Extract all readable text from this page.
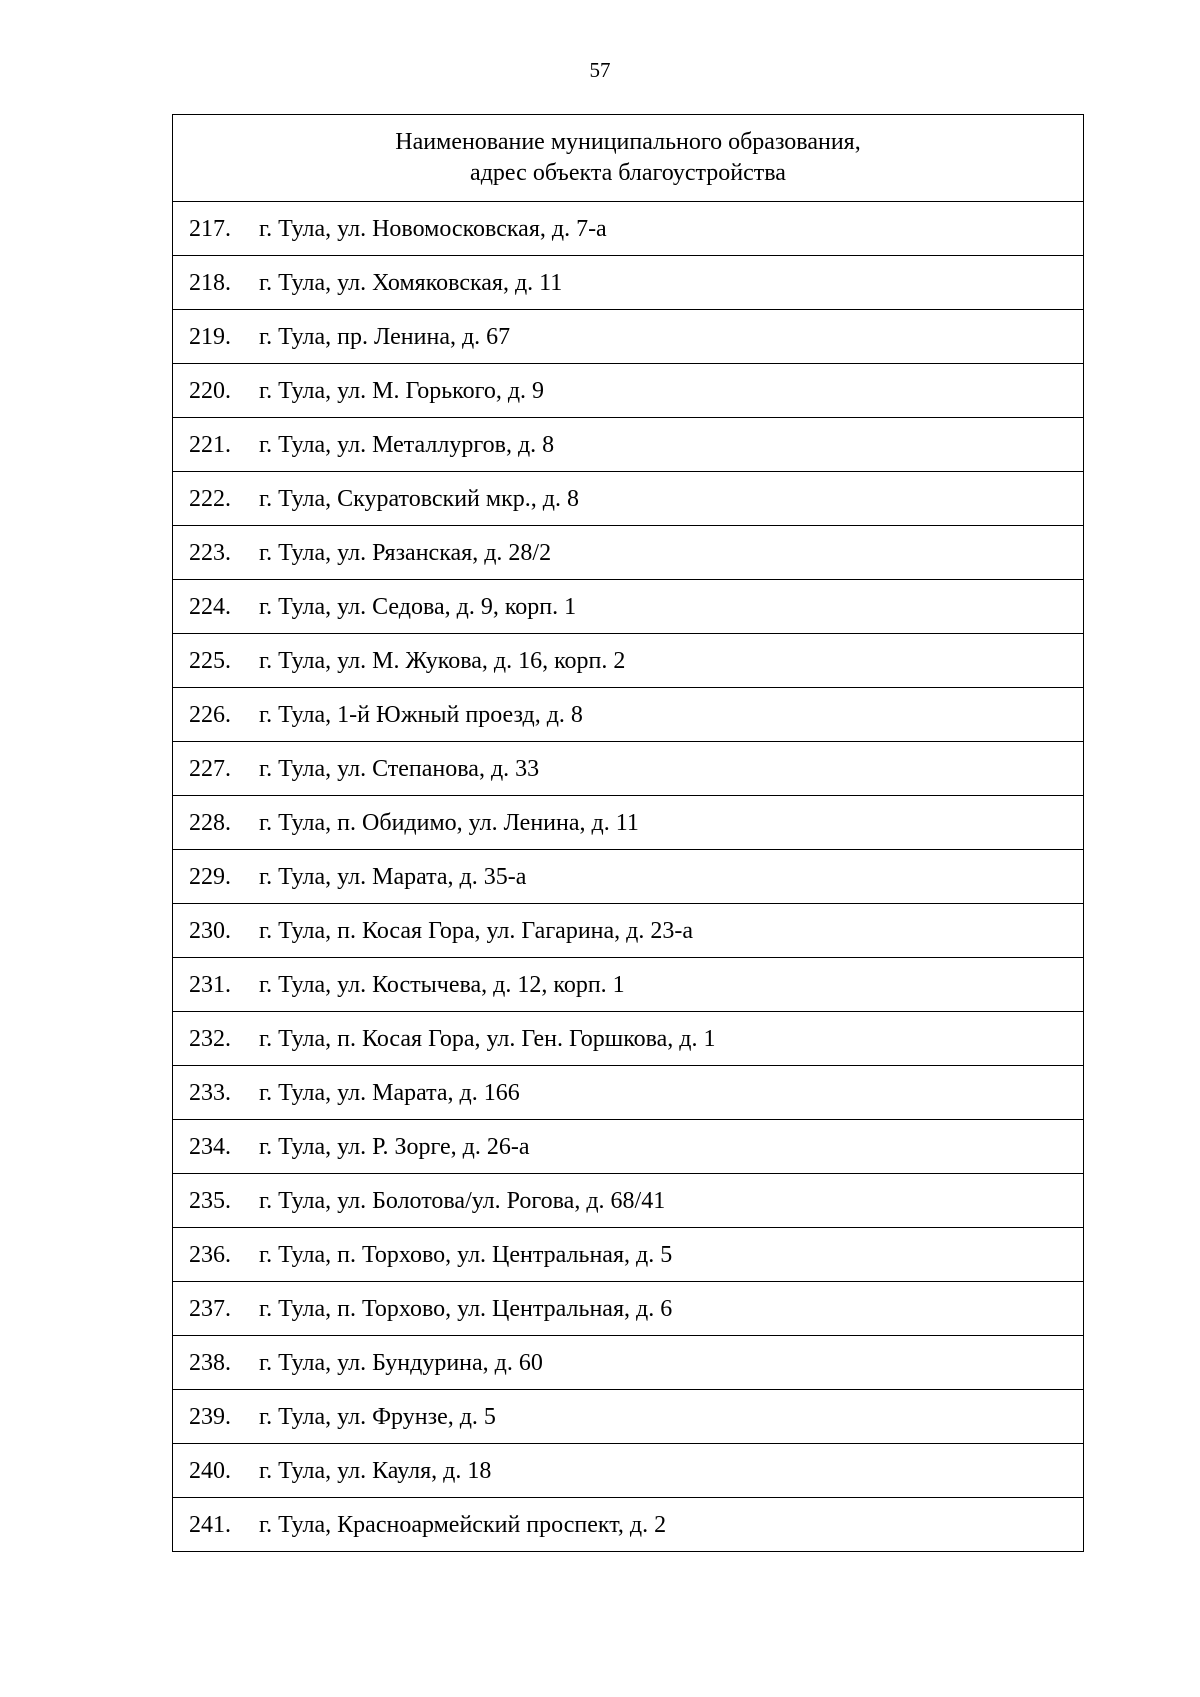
57
Наименование муниципального образования,
адрес объекта благоустройства

217. г. Тула, ул. Новомосковская, д. 7-а
218. г. Тула, ул. Хомяковская, д. 11
219. г. Тула, пр. Ленина, д. 67
220. г. Тула, ул. М. Горького, д. 9
221. г. Тула, ул. Металлургов, д. 8
222. г. Тула, Скуратовский мкр., д. 8
223. г. Тула, ул. Рязанская, д. 28/2
224. г. Тула, ул. Седова, д. 9, корп. 1
225. г. Тула, ул. М. Жукова, д. 16, корп. 2
226. г. Тула, 1-й Южный проезд, д. 8
227. г. Тула, ул. Степанова, д. 33
228. г. Тула, п. Обидимо, ул. Ленина, д. 11
229. г. Тула, ул. Марата, д. 35-а
230. г. Тула, п. Косая Гора, ул. Гагарина, д. 23-а
231. г. Тула, ул. Костычева, д. 12, корп. 1
232. г. Тула, п. Косая Гора, ул. Ген. Горшкова, д. 1
233. г. Тула, ул. Марата, д. 166
234. г. Тула, ул. Р. Зорге, д. 26-а
235. г. Тула, ул. Болотова/ул. Рогова, д. 68/41
236. г. Тула, п. Торхово, ул. Центральная, д. 5
237. г. Тула, п. Торхово, ул. Центральная, д. 6
238. г. Тула, ул. Бундурина, д. 60
239. г. Тула, ул. Фрунзе, д. 5
240. г. Тула, ул. Кауля, д. 18
241. г. Тула, Красноармейский проспект, д. 2
